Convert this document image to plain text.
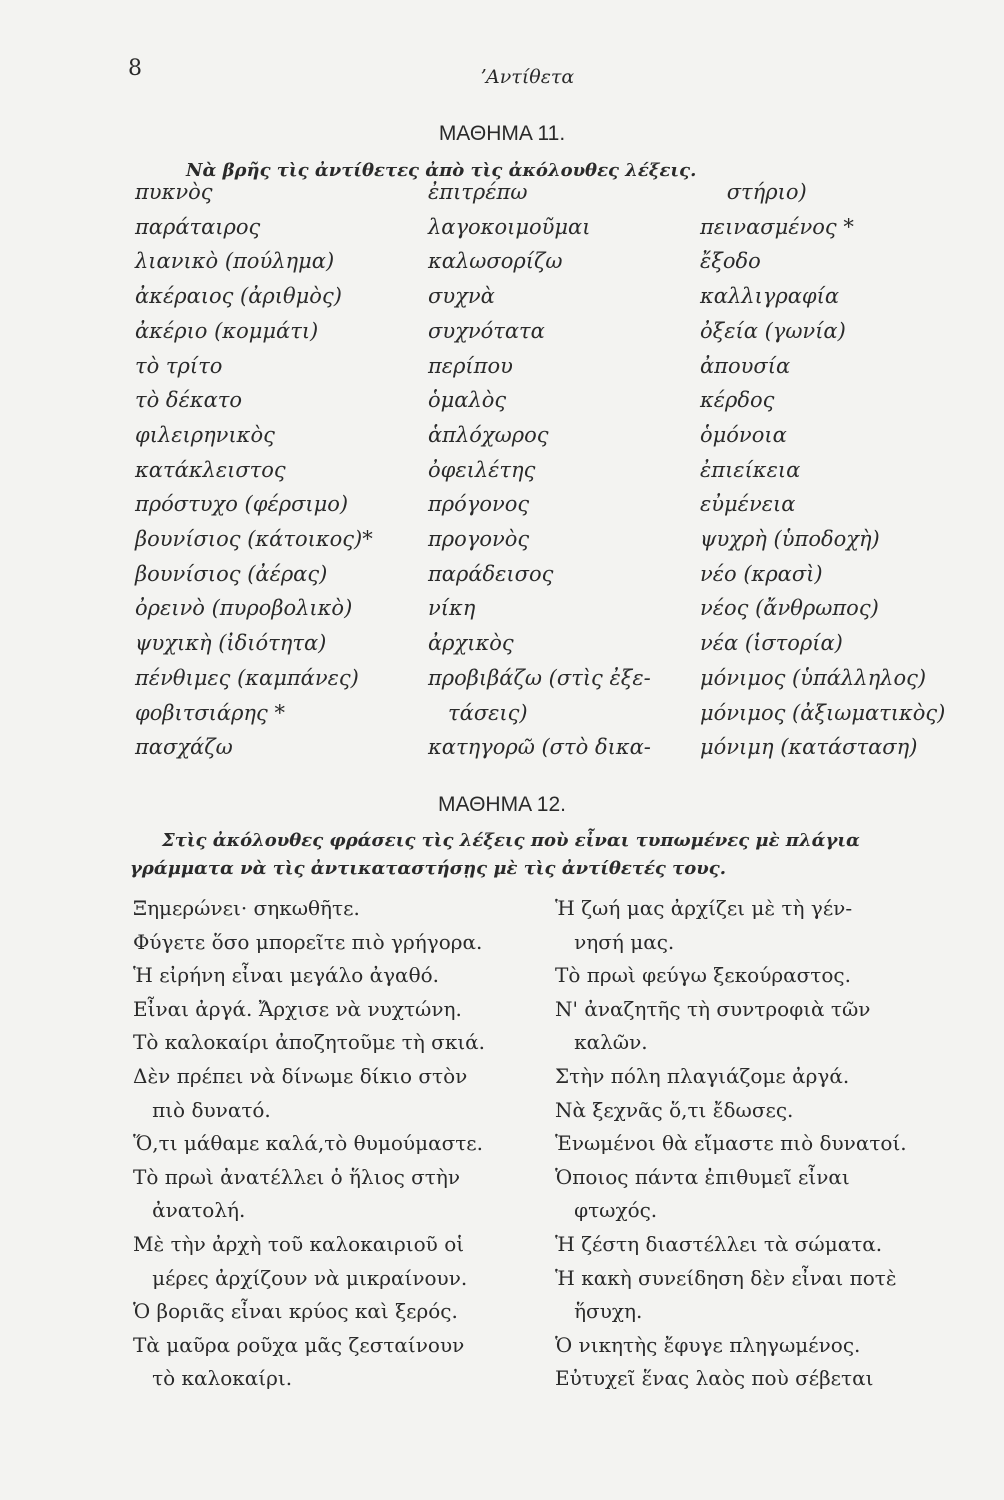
8	ʼΑντίθετα
ΜΑΘΗΜΑ 11.
Νὰ βρῆς τὶς ἀντίθετες ἀπὸ τὶς ἀκόλουθες λέξεις.
πυκνὸς
παράταιρος
λιανικὸ (πούλημα)
ἀκέραιος (ἀριθμὸς)
ἀκέριο (κομμάτι)
τὸ τρίτο
τὸ δέκατο
φιλειρηνικὸς
κατάκλειστος
πρόστυχο (φέρσιμο)
βουνίσιος (κάτοικος)*
βουνίσιος (ἀέρας)
ὀρεινὸ (πυροβολικὸ)
ψυχικὴ (ἰδιότητα)
πένθιμες (καμπάνες)
φοβιτσιάρης *
πασχάζω
ἐπιτρέπω
λαγοκοιμοῦμαι
καλωσορίζω
συχνὰ
συχνότατα
περίπου
ὁμαλὸς
ἁπλόχωρος
ὀφειλέτης
πρόγονος
προγονὸς
παράδεισος
νίκη
ἀρχικὸς
προβιβάζω (στὶς ἐξε-
τάσεις)
κατηγορῶ (στὸ δικα-
στήριο)
πεινασμένος *
ἔξοδο
καλλιγραφία
ὀξεία (γωνία)
ἀπουσία
κέρδος
ὁμόνοια
ἐπιείκεια
εὐμένεια
ψυχρὴ (ὑποδοχὴ)
νέο (κρασὶ)
νέος (ἄνθρωπος)
νέα (ἱστορία)
μόνιμος (ὑπάλληλος)
μόνιμος (ἀξιωματικὸς)
μόνιμη (κατάσταση)
ΜΑΘΗΜΑ 12.
Στὶς ἀκόλουθες φράσεις τὶς λέξεις ποὺ εἶναι τυπωμένες μὲ πλάγια
γράμματα νὰ τὶς ἀντικαταστήσῃς μὲ τὶς ἀντίθετές τους.
Ξημερώνει· σηκωθῆτε.
Φύγετε ὅσο μπορεῖτε πιὸ γρήγορα.
Ἡ εἰρήνη εἶναι μεγάλο ἀγαθό.
Εἶναι ἀργά. Ἄρχισε νὰ νυχτώνη.
Τὸ καλοκαίρι ἀποζητοῦμε τὴ σκιά.
Δὲν πρέπει νὰ δίνωμε δίκιο στὸν
πιὸ δυνατό.
Ὅ,τι μάθαμε καλά,τὸ θυμούμαστε.
Τὸ πρωὶ ἀνατέλλει ὁ ἥλιος στὴν
ἀνατολή.
Μὲ τὴν ἀρχὴ τοῦ καλοκαιριοῦ οἱ
μέρες ἀρχίζουν νὰ μικραίνουν.
Ὁ βοριᾶς εἶναι κρύος καὶ ξερός.
Τὰ μαῦρα ροῦχα μᾶς ζεσταίνουν
τὸ καλοκαίρι.
Ἡ ζωή μας ἀρχίζει μὲ τὴ γέν-
νησή μας.
Τὸ πρωὶ φεύγω ξεκούραστος.
Ν' ἀναζητῆς τὴ συντροφιὰ τῶν
καλῶν.
Στὴν πόλη πλαγιάζομε ἀργά.
Νὰ ξεχνᾶς ὅ,τι ἔδωσες.
Ἑνωμένοι θὰ εἴμαστε πιὸ δυνατοί.
Ὁποιος πάντα ἐπιθυμεῖ εἶναι
φτωχός.
Ἡ ζέστη διαστέλλει τὰ σώματα.
Ἡ κακὴ συνείδηση δὲν εἶναι ποτὲ
ἥσυχη.
Ὁ νικητὴς ἔφυγε πληγωμένος.
Εὐτυχεῖ ἕνας λαὸς ποὺ σέβεται
